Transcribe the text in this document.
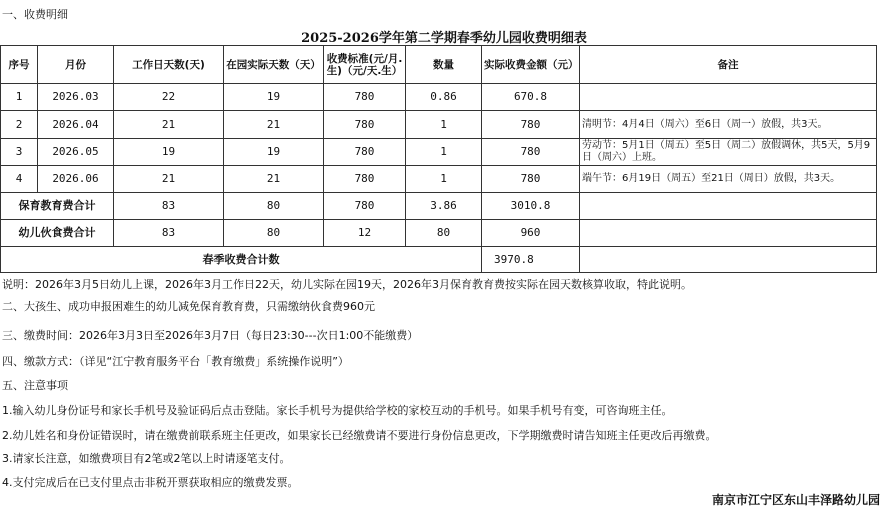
一、收费明细
2025-2026学年第二学期春季幼儿园收费明细表
序号	月份	工作日天数(天)	在园实际天数（天）	收费标准(元/月.生)（元/天.生）	数量	实际收费金额（元）	备注
1	2026.03	22	19	780	0.86	670.8	
2	2026.04	21	21	780	1	780	清明节：4月4日（周六）至6日（周一）放假，共3天。
3	2026.05	19	19	780	1	780	劳动节：5月1日（周五）至5日（周二）放假调休，共5天，5月9日（周六）上班。
4	2026.06	21	21	780	1	780	端午节：6月19日（周五）至21日（周日）放假，共3天。
保育教育费合计		83	80	780	3.86	3010.8	
幼儿伙食费合计		83	80	12	80	960	
春季收费合计数						3970.8	
说明：2026年3月5日幼儿上课，2026年3月工作日22天，幼儿实际在园19天，2026年3月保育教育费按实际在园天数核算收取，特此说明。
二、大孩生、成功申报困难生的幼儿减免保育教育费，只需缴纳伙食费960元
三、缴费时间：2026年3月3日至2026年3月7日（每日23:30---次日1:00不能缴费）
四、缴款方式：（详见“江宁教育服务平台「教育缴费」系统操作说明”）
五、注意事项
1.输入幼儿身份证号和家长手机号及验证码后点击登陆。家长手机号为提供给学校的家校互动的手机号。如果手机号有变，可咨询班主任。
2.幼儿姓名和身份证错误时，请在缴费前联系班主任更改，如果家长已经缴费请不要进行身份信息更改，下学期缴费时请告知班主任更改后再缴费。
3.请家长注意，如缴费项目有2笔或2笔以上时请逐笔支付。
4.支付完成后在已支付里点击非税开票获取相应的缴费发票。
南京市江宁区东山丰泽路幼儿园
